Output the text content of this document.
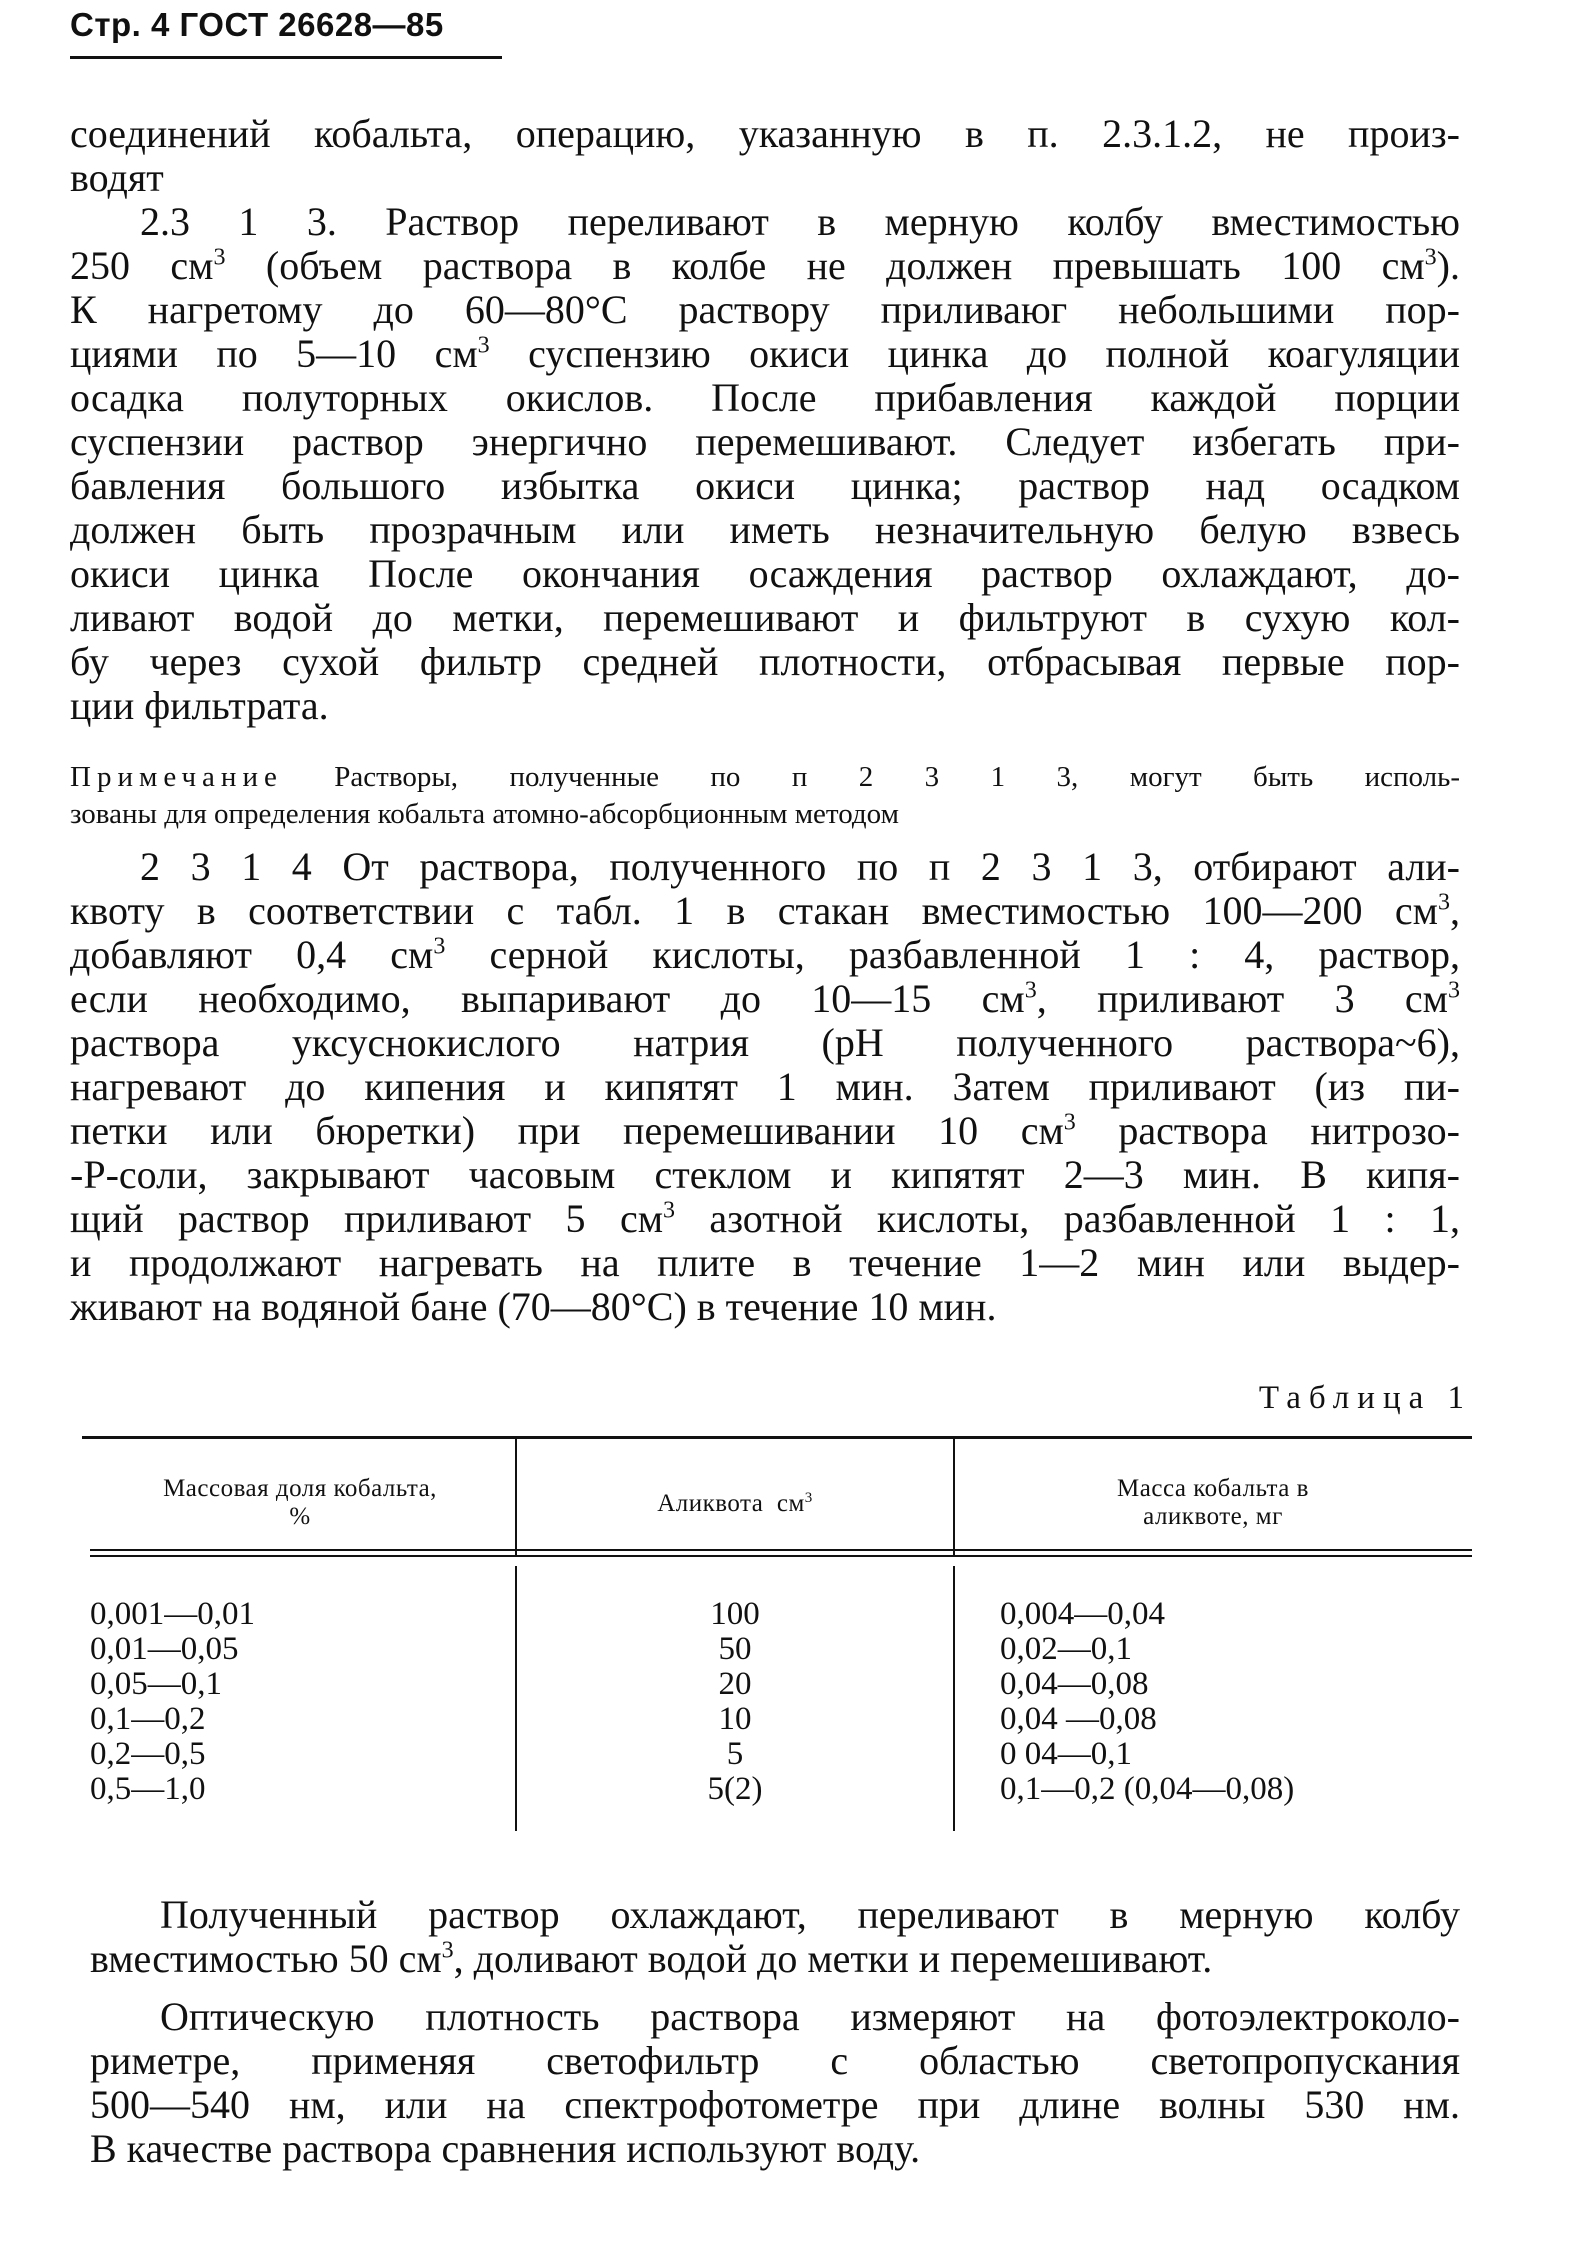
Стр. 4 ГОСТ 26628—85
соединений кобальта, операцию, указанную в п. 2.3.1.2, не произ-
водят
2.3 1 3. Раствор переливают в мерную колбу вместимостью
250 $см^3$ (объем раствора в колбе не должен превышать 100 $см^3$).
К нагретому до 60—80°С раствору приливаюг небольшими пор-
циями по 5—10 $см^3$ суспензию окиси цинка до полной коагуляции
осадка полуторных окислов. После прибавления каждой порции
суспензии раствор энергично перемешивают. Следует избегать при-
бавления большого избытка окиси цинка; раствор над осадком
должен быть прозрачным или иметь незначительную белую взвесь
окиси цинка После окончания осаждения раствор охлаждают, до-
ливают водой до метки, перемешивают и фильтруют в сухую кол-
бу через сухой фильтр средней плотности, отбрасывая первые пор-
ции фильтрата.
Примечание Растворы, полученные по п 2 3 1 3, могут быть исполь-
зованы для определения кобальта атомно-абсорбционным методом
2 3 1 4 От раствора, полученного по п 2 3 1 3, отбирают али-
квоту в соответствии с табл. 1 в стакан вместимостью 100—200 $см^3$,
добавляют 0,4 $см^3$ серной кислоты, разбавленной 1 : 4, раствор,
если необходимо, выпаривают до 10—15 $см^3$, приливают 3 $см^3$
раствора уксуснокислого натрия (рН полученного раствора~6),
нагревают до кипения и кипятят 1 мин. Затем приливают (из пи-
петки или бюретки) при перемешивании 10 $см^3$ раствора нитрозо-
-Р-соли, закрывают часовым стеклом и кипятят 2—3 мин. В кипя-
щий раствор приливают 5 $см^3$ азотной кислоты, разбавленной 1 : 1,
и продолжают нагревать на плите в течение 1—2 мин или выдер-
живают на водяной бане (70—80°С) в течение 10 мин.
Таблица 1
Массовая доля кобальта,
%	Аликвота $см^3$	Масса кобальта в
аликвоте, мг
0,001—0,01	100	0,004—0,04
0,01—0,05	50	0,02—0,1
0,05—0,1	20	0,04—0,08
0,1—0,2	10	0,04 —0,08
0,2—0,5	5	0 04—0,1
0,5—1,0	5(2)	0,1—0,2 (0,04—0,08)
Полученный раствор охлаждают, переливают в мерную колбу
вместимостью 50 $см^3$, доливают водой до метки и перемешивают.
Оптическую плотность раствора измеряют на фотоэлектроколо-
риметре, применяя светофильтр с областью светопропускания
500—540 нм, или на спектрофотометре при длине волны 530 нм.
В качестве раствора сравнения используют воду.
